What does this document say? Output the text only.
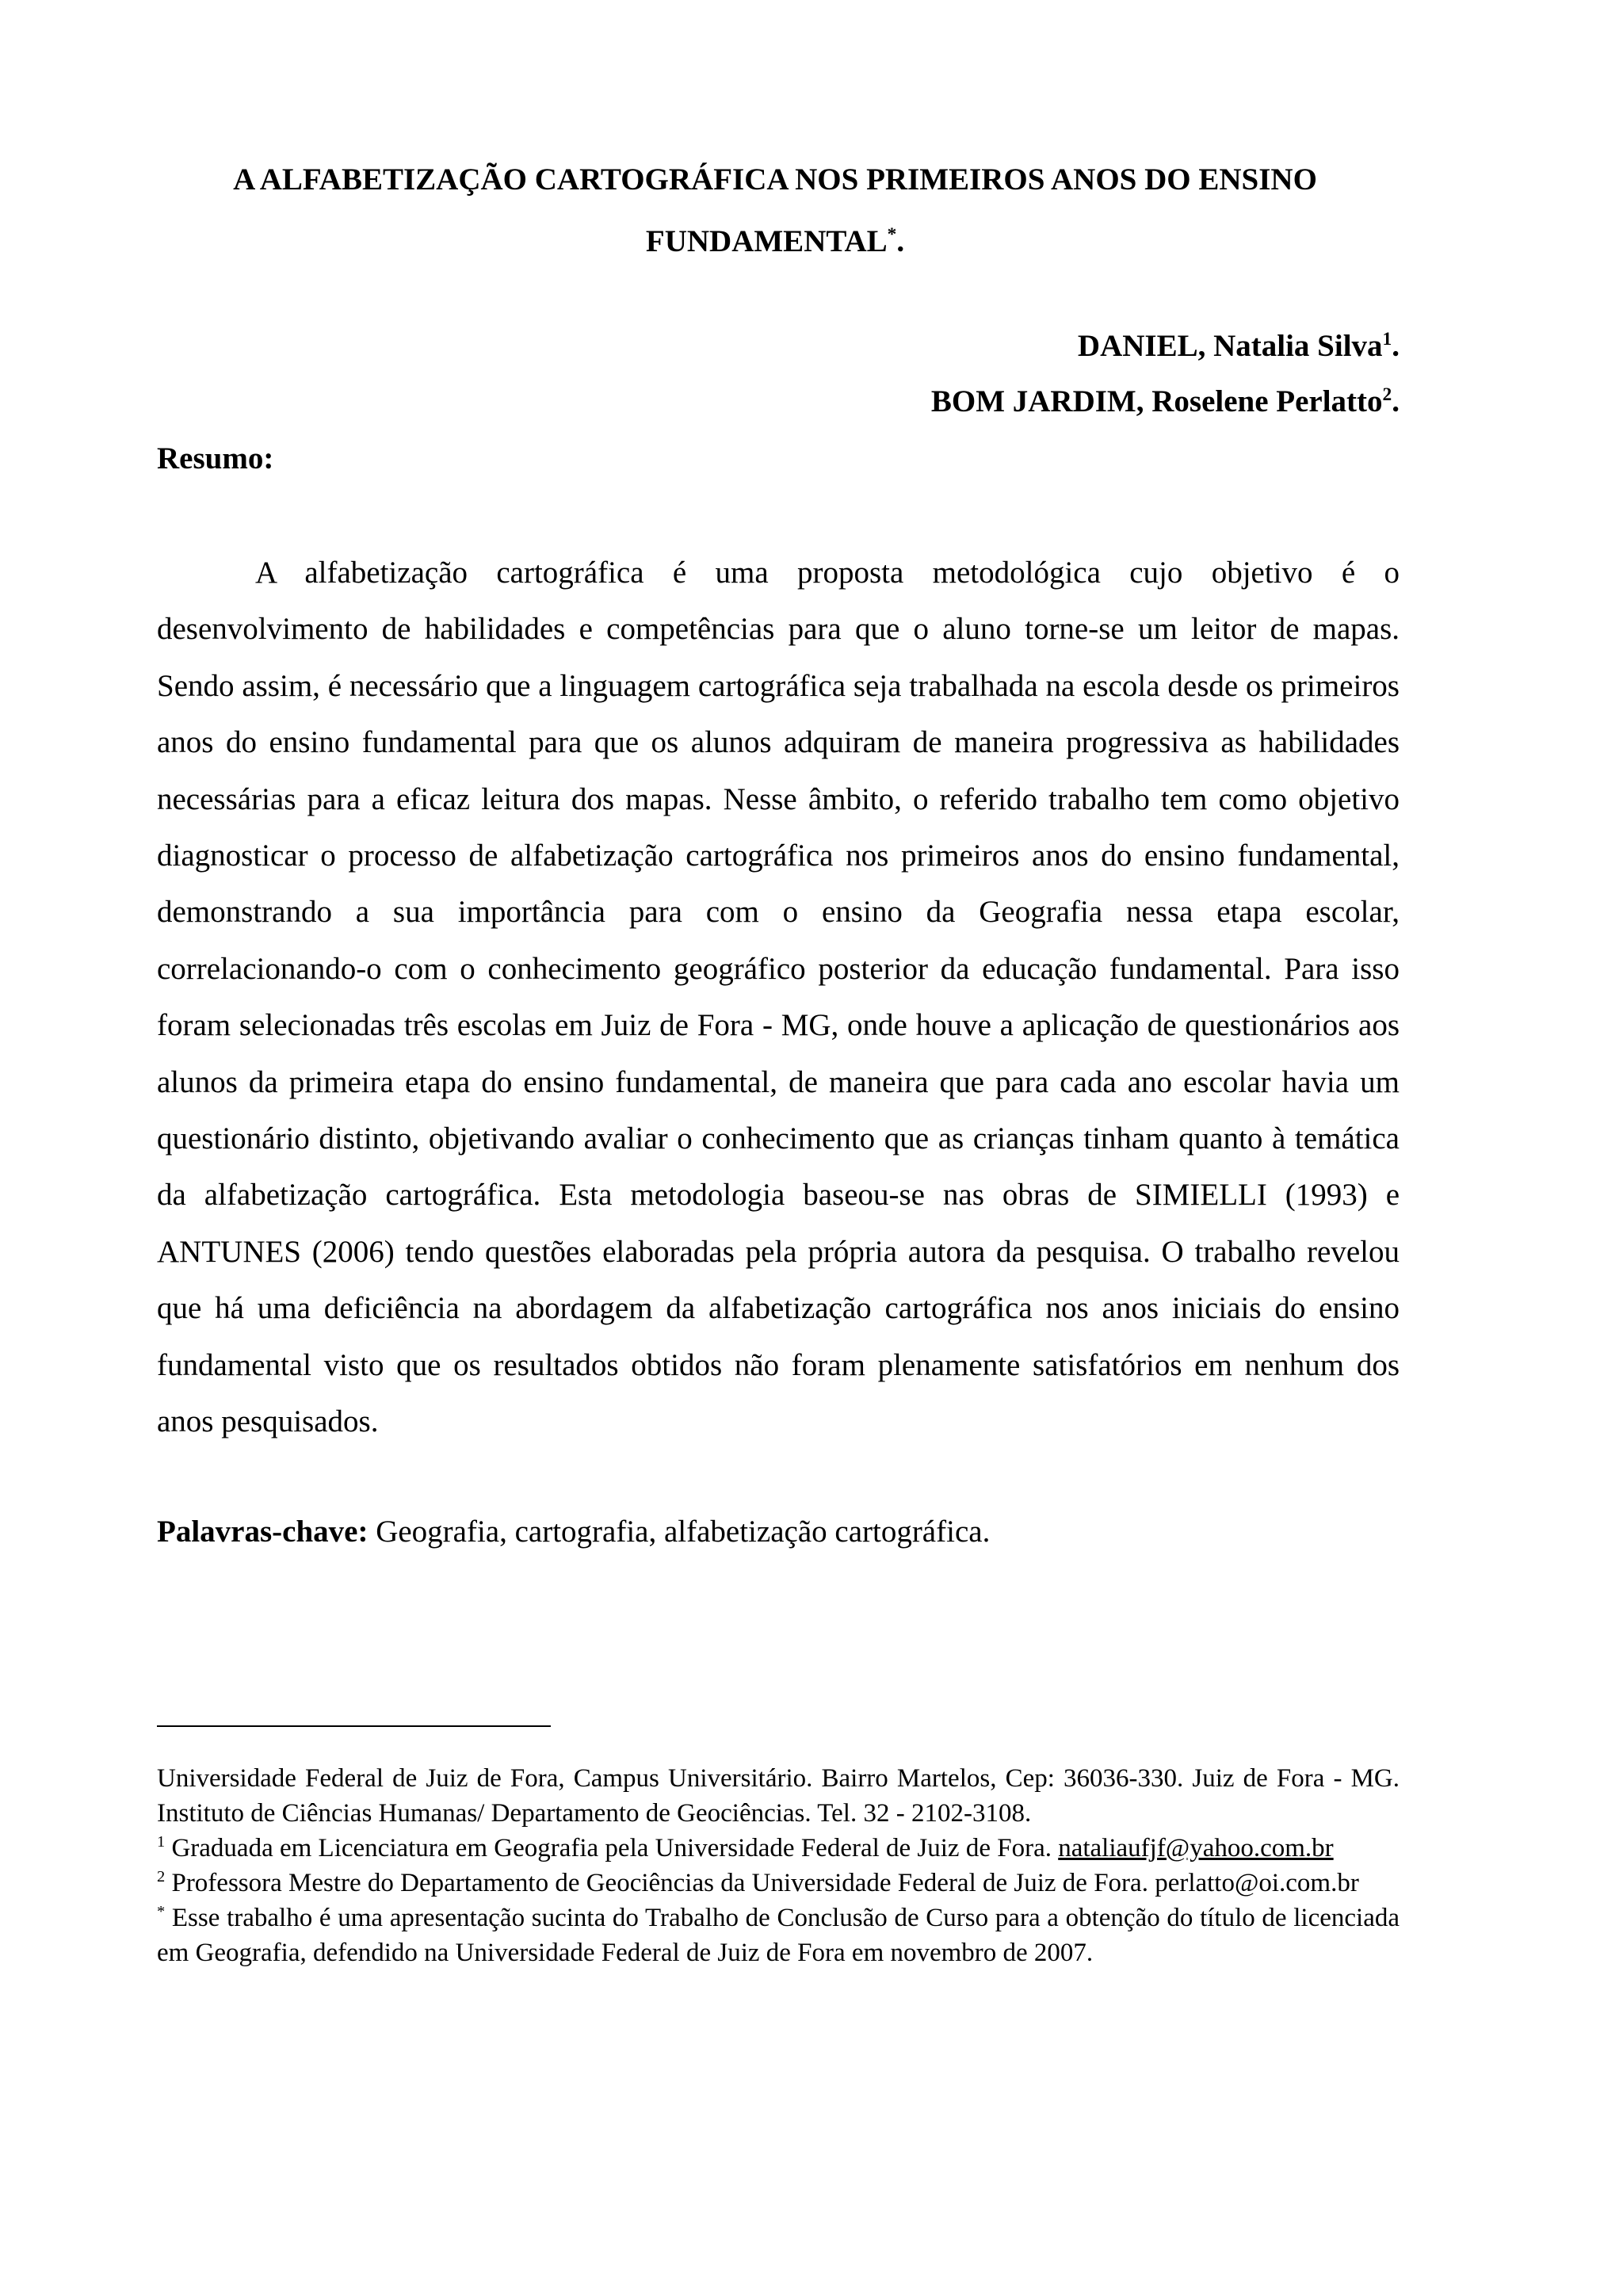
A ALFABETIZAÇÃO CARTOGRÁFICA NOS PRIMEIROS ANOS DO ENSINO FUNDAMENTAL*.
DANIEL, Natalia Silva$^1$.
BOM JARDIM, Roselene Perlatto$^2$.
Resumo:

A alfabetização cartográfica é uma proposta metodológica cujo objetivo é o desenvolvimento de habilidades e competências para que o aluno torne-se um leitor de mapas. Sendo assim, é necessário que a linguagem cartográfica seja trabalhada na escola desde os primeiros anos do ensino fundamental para que os alunos adquiram de maneira progressiva as habilidades necessárias para a eficaz leitura dos mapas. Nesse âmbito, o referido trabalho tem como objetivo diagnosticar o processo de alfabetização cartográfica nos primeiros anos do ensino fundamental, demonstrando a sua importância para com o ensino da Geografia nessa etapa escolar, correlacionando-o com o conhecimento geográfico posterior da educação fundamental. Para isso foram selecionadas três escolas em Juiz de Fora - MG, onde houve a aplicação de questionários aos alunos da primeira etapa do ensino fundamental, de maneira que para cada ano escolar havia um questionário distinto, objetivando avaliar o conhecimento que as crianças tinham quanto à temática da alfabetização cartográfica. Esta metodologia baseou-se nas obras de SIMIELLI (1993) e ANTUNES (2006) tendo questões elaboradas pela própria autora da pesquisa. O trabalho revelou que há uma deficiência na abordagem da alfabetização cartográfica nos anos iniciais do ensino fundamental visto que os resultados obtidos não foram plenamente satisfatórios em nenhum dos anos pesquisados.

Palavras-chave: Geografia, cartografia, alfabetização cartográfica.

Universidade Federal de Juiz de Fora, Campus Universitário. Bairro Martelos, Cep: 36036-330. Juiz de Fora - MG. Instituto de Ciências Humanas/ Departamento de Geociências. Tel. 32 - 2102-3108.

$^1$ Graduada em Licenciatura em Geografia pela Universidade Federal de Juiz de Fora. nataliaufjf@yahoo.com.br

$^2$ Professora Mestre do Departamento de Geociências da Universidade Federal de Juiz de Fora. perlatto@oi.com.br

* Esse trabalho é uma apresentação sucinta do Trabalho de Conclusão de Curso para a obtenção do título de licenciada em Geografia, defendido na Universidade Federal de Juiz de Fora em novembro de 2007.
